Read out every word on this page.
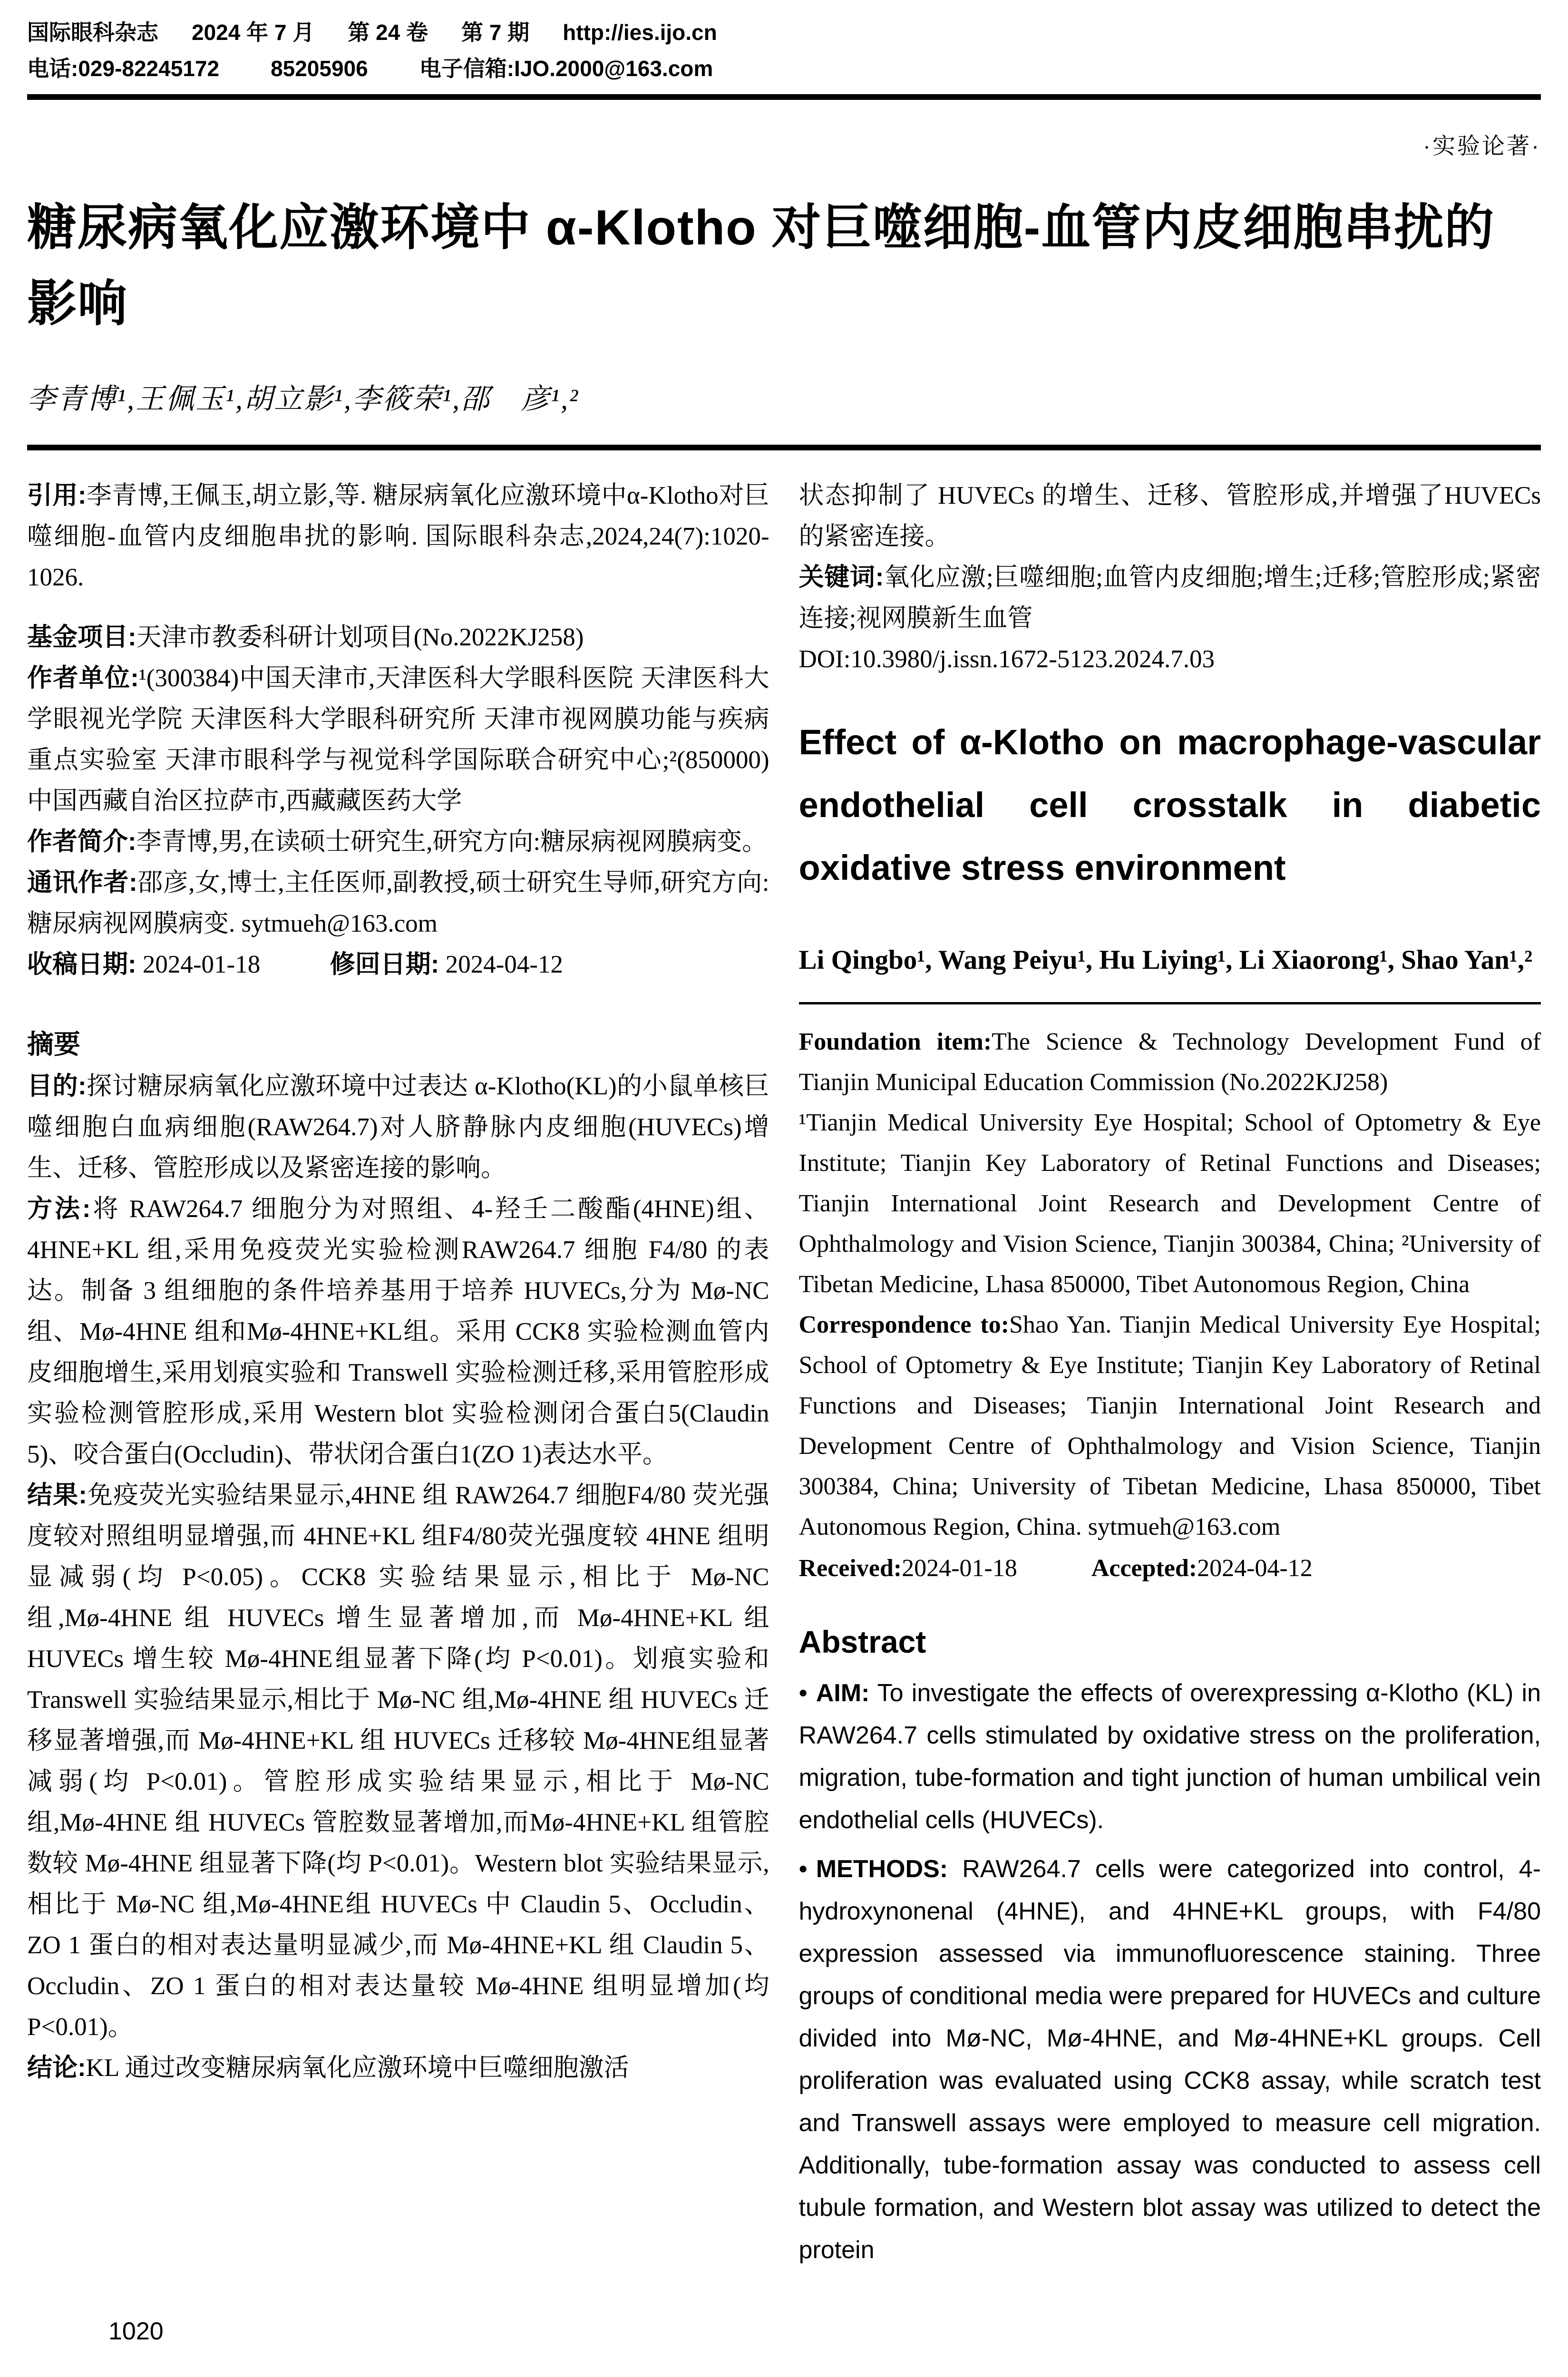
国际眼科杂志 2024 年 7 月 第 24 卷 第 7 期 http://ies.ijo.cn
电话:029-82245172 85205906 电子信箱:IJO.2000@163.com
·实验论著·
糖尿病氧化应激环境中 α-Klotho 对巨噬细胞-血管内皮细胞串扰的影响
李青博¹,王佩玉¹,胡立影¹,李筱荣¹,邵　彦¹,²

引用:李青博,王佩玉,胡立影,等. 糖尿病氧化应激环境中α-Klotho对巨噬细胞-血管内皮细胞串扰的影响. 国际眼科杂志,2024,24(7):1020-1026.

基金项目:天津市教委科研计划项目(No.2022KJ258)

作者单位:¹(300384)中国天津市,天津医科大学眼科医院 天津医科大学眼视光学院 天津医科大学眼科研究所 天津市视网膜功能与疾病重点实验室 天津市眼科学与视觉科学国际联合研究中心;²(850000)中国西藏自治区拉萨市,西藏藏医药大学

作者简介:李青博,男,在读硕士研究生,研究方向:糖尿病视网膜病变。

通讯作者:邵彦,女,博士,主任医师,副教授,硕士研究生导师,研究方向:糖尿病视网膜病变. sytmueh@163.com

收稿日期: 2024-01-18	修回日期: 2024-04-12

摘要

目的:探讨糖尿病氧化应激环境中过表达 α-Klotho(KL)的小鼠单核巨噬细胞白血病细胞(RAW264.7)对人脐静脉内皮细胞(HUVECs)增生、迁移、管腔形成以及紧密连接的影响。

方法:将 RAW264.7 细胞分为对照组、4-羟壬二酸酯(4HNE)组、4HNE+KL 组,采用免疫荧光实验检测RAW264.7 细胞 F4/80 的表达。制备 3 组细胞的条件培养基用于培养 HUVECs,分为 Mø-NC 组、Mø-4HNE 组和Mø-4HNE+KL组。采用 CCK8 实验检测血管内皮细胞增生,采用划痕实验和 Transwell 实验检测迁移,采用管腔形成实验检测管腔形成,采用 Western blot 实验检测闭合蛋白5(Claudin 5)、咬合蛋白(Occludin)、带状闭合蛋白1(ZO 1)表达水平。

结果:免疫荧光实验结果显示,4HNE 组 RAW264.7 细胞F4/80 荧光强度较对照组明显增强,而 4HNE+KL 组F4/80荧光强度较 4HNE 组明显减弱(均 P<0.05)。CCK8 实验结果显示,相比于 Mø-NC 组,Mø-4HNE 组 HUVECs 增生显著增加,而 Mø-4HNE+KL 组 HUVECs 增生较 Mø-4HNE组显著下降(均 P<0.01)。划痕实验和 Transwell 实验结果显示,相比于 Mø-NC 组,Mø-4HNE 组 HUVECs 迁移显著增强,而 Mø-4HNE+KL 组 HUVECs 迁移较 Mø-4HNE组显著减弱(均 P<0.01)。管腔形成实验结果显示,相比于 Mø-NC 组,Mø-4HNE 组 HUVECs 管腔数显著增加,而Mø-4HNE+KL 组管腔数较 Mø-4HNE 组显著下降(均 P<0.01)。Western blot 实验结果显示,相比于 Mø-NC 组,Mø-4HNE组 HUVECs 中 Claudin 5、Occludin、ZO 1 蛋白的相对表达量明显减少,而 Mø-4HNE+KL 组 Claudin 5、Occludin、ZO 1 蛋白的相对表达量较 Mø-4HNE 组明显增加(均 P<0.01)。

结论:KL 通过改变糖尿病氧化应激环境中巨噬细胞激活

状态抑制了 HUVECs 的增生、迁移、管腔形成,并增强了HUVECs 的紧密连接。

关键词:氧化应激;巨噬细胞;血管内皮细胞;增生;迁移;管腔形成;紧密连接;视网膜新生血管

DOI:10.3980/j.issn.1672-5123.2024.7.03

Effect of α-Klotho on macrophage-vascular endothelial cell crosstalk in diabetic oxidative stress environment
Li Qingbo¹, Wang Peiyu¹, Hu Liying¹, Li Xiaorong¹, Shao Yan¹,²

Foundation item:The Science & Technology Development Fund of Tianjin Municipal Education Commission (No.2022KJ258)

¹Tianjin Medical University Eye Hospital; School of Optometry & Eye Institute; Tianjin Key Laboratory of Retinal Functions and Diseases; Tianjin International Joint Research and Development Centre of Ophthalmology and Vision Science, Tianjin 300384, China; ²University of Tibetan Medicine, Lhasa 850000, Tibet Autonomous Region, China

Correspondence to:Shao Yan. Tianjin Medical University Eye Hospital; School of Optometry & Eye Institute; Tianjin Key Laboratory of Retinal Functions and Diseases; Tianjin International Joint Research and Development Centre of Ophthalmology and Vision Science, Tianjin 300384, China; University of Tibetan Medicine, Lhasa 850000, Tibet Autonomous Region, China. sytmueh@163.com

Received:2024-01-18	Accepted:2024-04-12

Abstract

• AIM: To investigate the effects of overexpressing α-Klotho (KL) in RAW264.7 cells stimulated by oxidative stress on the proliferation, migration, tube-formation and tight junction of human umbilical vein endothelial cells (HUVECs).

• METHODS: RAW264.7 cells were categorized into control, 4-hydroxynonenal (4HNE), and 4HNE+KL groups, with F4/80 expression assessed via immunofluorescence staining. Three groups of conditional media were prepared for HUVECs and culture divided into Mø-NC, Mø-4HNE, and Mø-4HNE+KL groups. Cell proliferation was evaluated using CCK8 assay, while scratch test and Transwell assays were employed to measure cell migration. Additionally, tube-formation assay was conducted to assess cell tubule formation, and Western blot assay was utilized to detect the protein

1020
